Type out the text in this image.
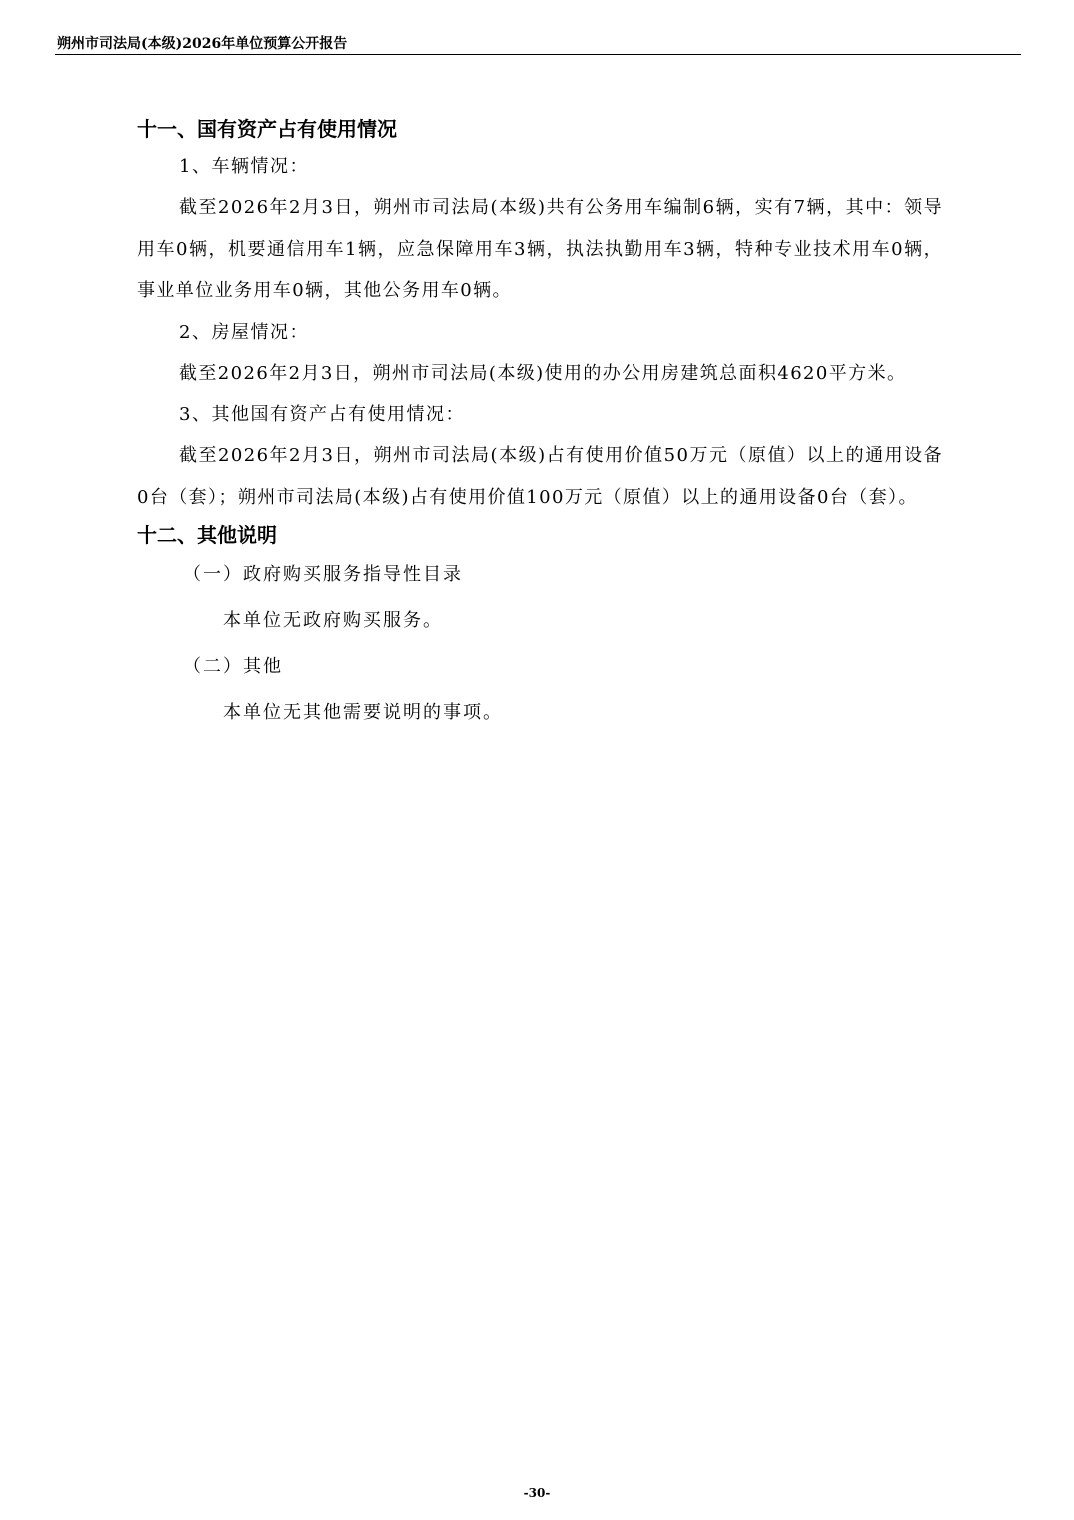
朔州市司法局(本级)2026年单位预算公开报告
十一、国有资产占有使用情况

1、车辆情况：

截至2026年2月3日，朔州市司法局(本级)共有公务用车编制6辆，实有7辆，其中：领导用车0辆，机要通信用车1辆，应急保障用车3辆，执法执勤用车3辆，特种专业技术用车0辆，事业单位业务用车0辆，其他公务用车0辆。

2、房屋情况：

截至2026年2月3日，朔州市司法局(本级)使用的办公用房建筑总面积4620平方米。

3、其他国有资产占有使用情况：

截至2026年2月3日，朔州市司法局(本级)占有使用价值50万元（原值）以上的通用设备0台（套）；朔州市司法局(本级)占有使用价值100万元（原值）以上的通用设备0台（套）。

十二、其他说明

（一）政府购买服务指导性目录

本单位无政府购买服务。

（二）其他

本单位无其他需要说明的事项。

-30-
